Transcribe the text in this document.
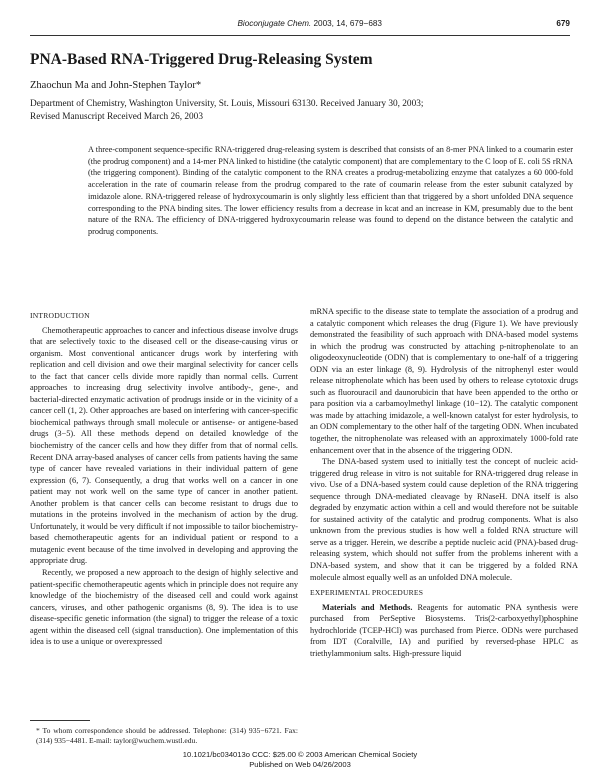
Bioconjugate Chem. 2003, 14, 679−683	679
PNA-Based RNA-Triggered Drug-Releasing System
Zhaochun Ma and John-Stephen Taylor*
Department of Chemistry, Washington University, St. Louis, Missouri 63130. Received January 30, 2003;
Revised Manuscript Received March 26, 2003
A three-component sequence-specific RNA-triggered drug-releasing system is described that consists of an 8-mer PNA linked to a coumarin ester (the prodrug component) and a 14-mer PNA linked to histidine (the catalytic component) that are complementary to the C loop of E. coli 5S rRNA (the triggering component). Binding of the catalytic component to the RNA creates a prodrug-metabolizing enzyme that catalyzes a 60 000-fold acceleration in the rate of coumarin release from the prodrug compared to the rate of coumarin release from the ester subunit catalyzed by imidazole alone. RNA-triggered release of hydroxycoumarin is only slightly less efficient than that triggered by a short unfolded DNA sequence corresponding to the PNA binding sites. The lower efficiency results from a decrease in kcat and an increase in KM, presumably due to the bent nature of the RNA. The efficiency of DNA-triggered hydroxycoumarin release was found to depend on the distance between the catalytic and prodrug components.
INTRODUCTION

Chemotherapeutic approaches to cancer and infectious disease involve drugs that are selectively toxic to the diseased cell or the disease-causing virus or organism. Most conventional anticancer drugs work by interfering with replication and cell division and owe their marginal selectivity for cancer cells to the fact that cancer cells divide more rapidly than normal cells. Current approaches to increasing drug selectivity involve antibody-, gene-, and bacterial-directed enzymatic activation of prodrugs inside or in the vicinity of a cancer cell (1, 2). Other approaches are based on interfering with cancer-specific biochemical pathways through small molecule or antisense- or antigene-based drugs (3−5). All these methods depend on detailed knowledge of the biochemistry of the cancer cells and how they differ from that of normal cells. Recent DNA array-based analyses of cancer cells from patients having the same type of cancer have revealed variations in their individual pattern of gene expression (6, 7). Consequently, a drug that works well on a cancer in one patient may not work well on the same type of cancer in another patient. Another problem is that cancer cells can become resistant to drugs due to mutations in the proteins involved in the mechanism of action by the drug. Unfortunately, it would be very difficult if not impossible to tailor biochemistry-based chemotherapeutic agents for an individual patient or respond to a mutagenic event because of the time involved in developing and approving the appropriate drug.

Recently, we proposed a new approach to the design of highly selective and patient-specific chemotherapeutic agents which in principle does not require any knowledge of the biochemistry of the diseased cell and could work against cancers, viruses, and other pathogenic organisms (8, 9). The idea is to use disease-specific genetic information (the signal) to trigger the release of a toxic agent within the diseased cell (signal transduction). One implementation of this idea is to use a unique or overexpressed

* To whom correspondence should be addressed. Telephone: (314) 935−6721. Fax: (314) 935−4481. E-mail: taylor@wuchem.wustl.edu.

mRNA specific to the disease state to template the association of a prodrug and a catalytic component which releases the drug (Figure 1). We have previously demonstrated the feasibility of such approach with DNA-based model systems in which the prodrug was constructed by attaching p-nitrophenolate to an oligodeoxynucleotide (ODN) that is complementary to one-half of a triggering ODN via an ester linkage (8, 9). Hydrolysis of the nitrophenyl ester would release nitrophenolate which has been used by others to release cytotoxic drugs such as fluorouracil and daunorubicin that have been appended to the ortho or para position via a carbamoylmethyl linkage (10−12). The catalytic component was made by attaching imidazole, a well-known catalyst for ester hydrolysis, to an ODN complementary to the other half of the targeting ODN. When incubated together, the nitrophenolate was released with an approximately 1000-fold rate enhancement over that in the absence of the triggering ODN.

The DNA-based system used to initially test the concept of nucleic acid-triggered drug release in vitro is not suitable for RNA-triggered drug release in vivo. Use of a DNA-based system could cause depletion of the RNA triggering sequence through DNA-mediated cleavage by RNaseH. DNA itself is also degraded by enzymatic action within a cell and would therefore not be suitable for sustained activity of the catalytic and prodrug components. What is also unknown from the previous studies is how well a folded RNA structure will serve as a trigger. Herein, we describe a peptide nucleic acid (PNA)-based drug-releasing system, which should not suffer from the problems inherent with a DNA-based system, and show that it can be triggered by a folded RNA molecule almost equally well as an unfolded DNA molecule.

EXPERIMENTAL PROCEDURES

Materials and Methods. Reagents for automatic PNA synthesis were purchased from PerSeptive Biosystems. Tris(2-carboxyethyl)phosphine hydrochloride (TCEP-HCl) was purchased from Pierce. ODNs were purchased from IDT (Coralville, IA) and purified by reversed-phase HPLC as triethylammonium salts. High-pressure liquid

10.1021/bc034013o CCC: $25.00 © 2003 American Chemical Society
Published on Web 04/26/2003
